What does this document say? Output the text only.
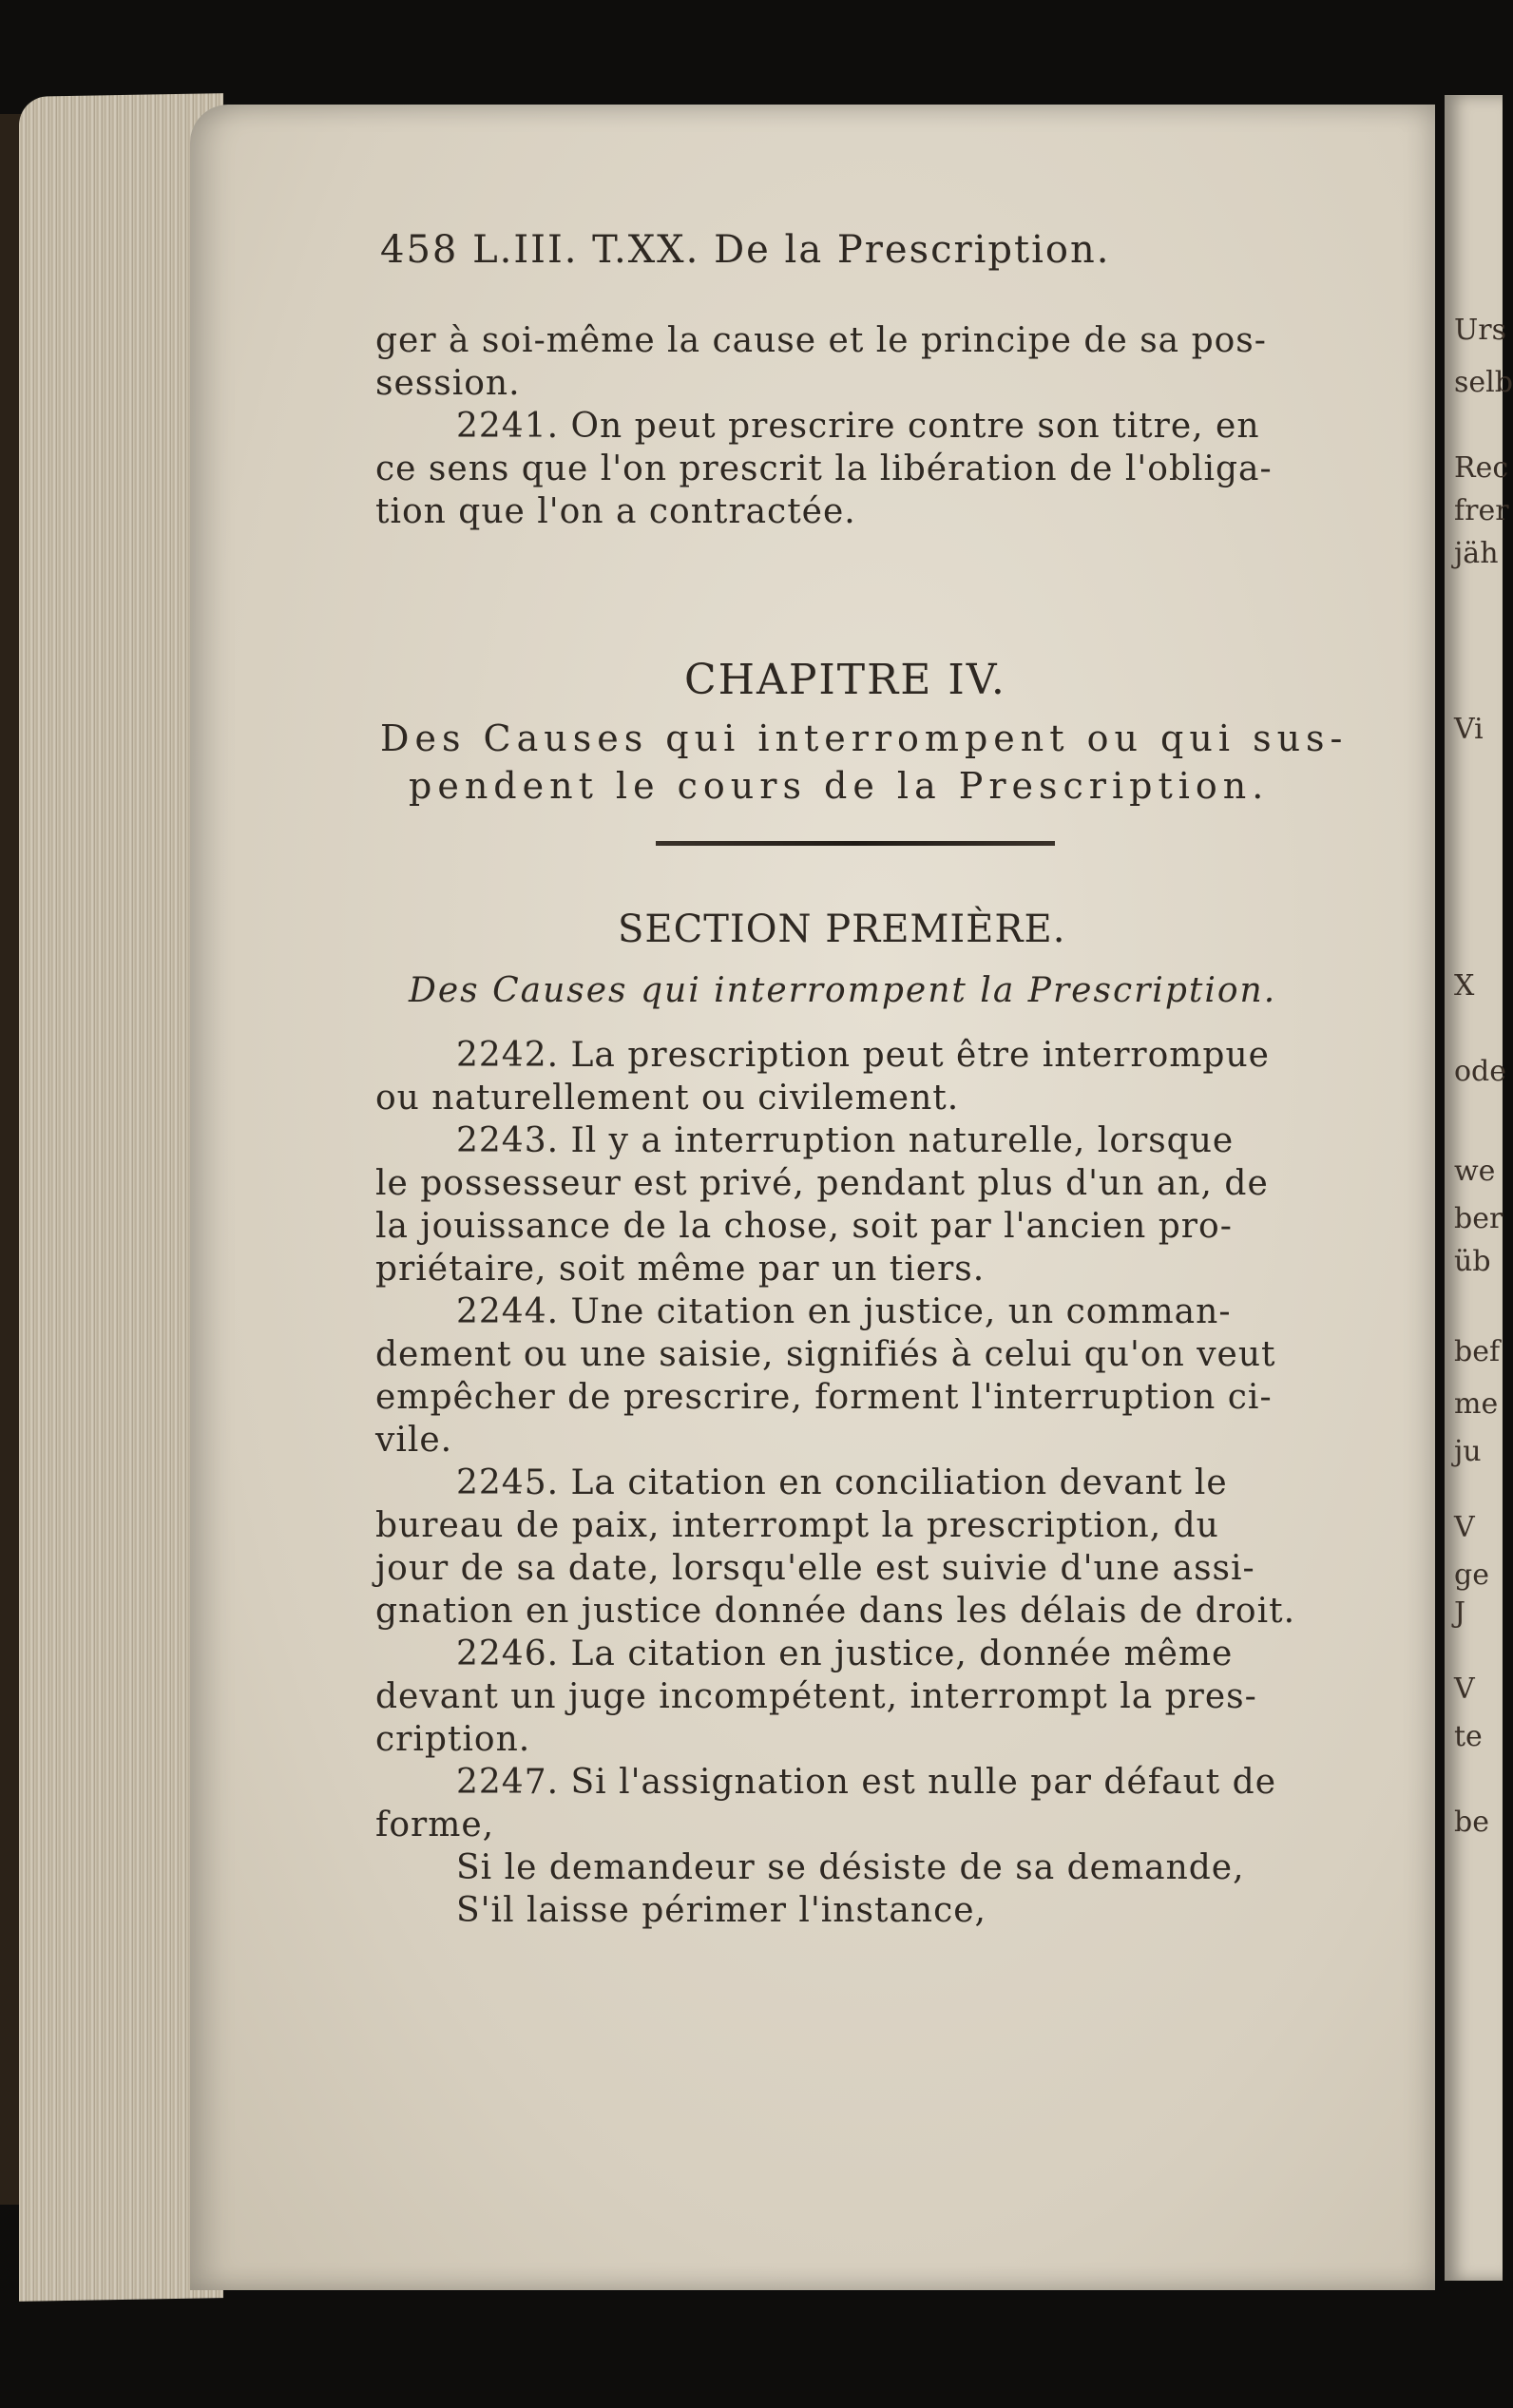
458 L.III. T.XX. De la Prescription.
ger à soi-même la cause et le principe de sa pos-
session.
2241. On peut prescrire contre son titre, en
ce sens que l'on prescrit la libération de l'obliga-
tion que l'on a contractée.
CHAPITRE IV.
Des Causes qui interrompent ou qui sus-
pendent le cours de la Prescription.
SECTION PREMIÈRE.
Des Causes qui interrompent la Prescription.
2242. La prescription peut être interrompue
ou naturellement ou civilement.
2243. Il y a interruption naturelle, lorsque
le possesseur est privé, pendant plus d'un an, de
la jouissance de la chose, soit par l'ancien pro-
priétaire, soit même par un tiers.
2244. Une citation en justice, un comman-
dement ou une saisie, signifiés à celui qu'on veut
empêcher de prescrire, forment l'interruption ci-
vile.
2245. La citation en conciliation devant le
bureau de paix, interrompt la prescription, du
jour de sa date, lorsqu'elle est suivie d'une assi-
gnation en justice donnée dans les délais de droit.
2246. La citation en justice, donnée même
devant un juge incompétent, interrompt la pres-
cription.
2247. Si l'assignation est nulle par défaut de
forme,
Si le demandeur se désiste de sa demande,
S'il laisse périmer l'instance,
Urs
selb
Rec
frer
jäh
Vi
X
ode
we
ber
üb
bef
me
ju
V
ge
J
V
te
be
